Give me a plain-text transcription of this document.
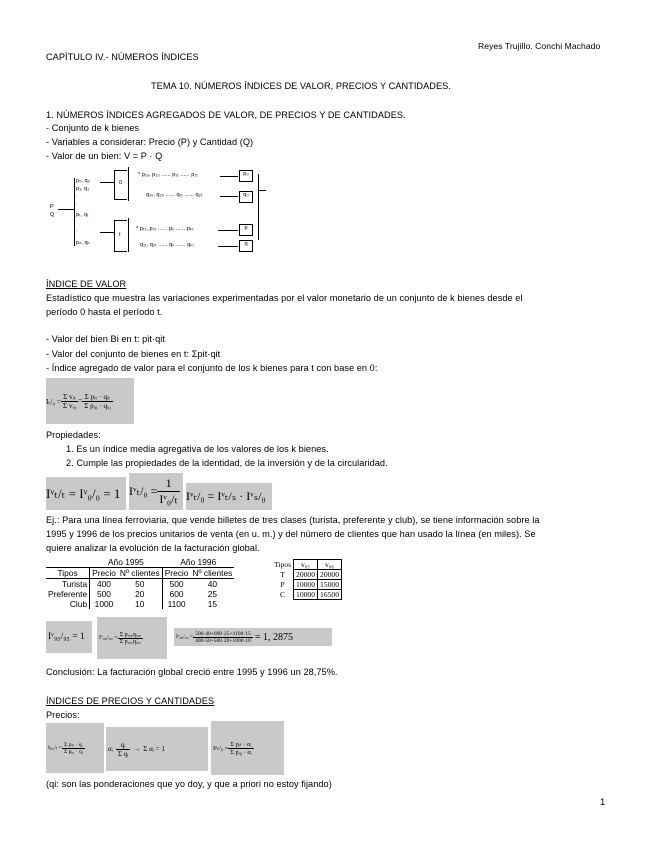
Reyes Trujillo. Conchi Machado
CAPÍTULO IV.- NÚMEROS ÍNDICES
TEMA 10. NÚMEROS ÍNDICES DE VALOR, PRECIOS Y CANTIDADES.
1. NÚMEROS ÍNDICES AGREGADOS DE VALOR, DE PRECIOS Y DE CANTIDADES.
- Conjunto de k bienes
- Variables a considerar: Precio (P) y Cantidad (Q)
- Valor de un bien: V = P · Q
P
Q
p₀, q₀
p₁, q₁
·
·
pₜ, qₜ
·
pₙ, qₙ
0
* p₁₀, p₂₀ ...... p₁ₜ ...... p₂ₜ
q₁₀, q₂₀ ...... q₁ₜ ...... q₂ₜ
p₀
q₀
t
* p₁ₜ, p₂ₜ ...... pₖ ...... pₖₜ
q₁ₜ, q₂ₜ ...... qₖ ...... qₖₜ
p
q
ÍNDICE DE VALOR
Estadístico que muestra las variaciones experimentadas por el valor monetario de un conjunto de k bienes desde el
período 0 hasta el período t.
- Valor del bien Bi en t: pit·qit
- Valor del conjunto de bienes en t: Σpit·qit
- Índice agregado de valor para el conjunto de los k bienes para t con base en 0:
$I_t/_0 = \frac{\text{Σ vᵢₜ}}{\text{Σ vᵢ₀}} = \frac{\text{Σ pᵢₜ · qᵢₜ}}{\text{Σ pᵢ₀ · qᵢ₀}}$
Propiedades:
1. Es un índice media agregativa de los valores de los k bienes.
2. Cumple las propiedades de la identidad, de la inversión y de la circularidad.
Iᵛₜ/ₜ = Iᵛ₀/₀ = 1 Iᵛₜ/₀ = $\frac{1}{\text{Iᵛ₀/ₜ}}$ Iᵛₜ/₀ = Iᵛₜ/ₛ · Iᵛₛ/₀
Ej.: Para una línea ferroviaria, que vende billetes de tres clases (turista, preferente y club), se tiene información sobre la
1995 y 1996 de los precios unitarios de venta (en u. m.) y del número de clientes que han usado la línea (en miles). Se
quiere analizar la evolución de la facturación global.
	Año 1995		Año 1996	
Tipos	Precio	Nº clientes	Precio	Nº clientes
Turista	400	50	500	40
Preferente	500	20	600	25
Club	1000	10	1100	15
Tipos	v₉₅	v₉₆
T	20000	20000
P	10000	15000
C	10000	16500
Iᵛ₉₅/₉₅ = 1	Iᵛ₉₆/₉₅ = $\frac{\text{Σ pᵢ₉₆qᵢ₉₆}}{\text{Σ pᵢ₉₅qᵢ₉₅}}$	Iᵛ₉₆/₉₅ = $\frac{500\cdot 40+600\cdot 25+1100\cdot 15}{400\cdot 50+500\cdot 20+1000\cdot 10} = 1$, 2875
Conclusión: La facturación global creció entre 1995 y 1996 un 28,75%.
ÍNDICES DE PRECIOS Y CANTIDADES
Precios:
$I_{p0}/_t = \frac{\text{Σ pᵢₜ · qᵢ}}{\text{Σ pᵢ₀ · qᵢ}}$	αᵢ $\frac{\text{qᵢ}}{\text{Σ qᵢ}} \to \Sigma$ αᵢ = 1	Iᵖₜ/₀ = $\frac{\text{Σ pᵢₜ · αᵢ}}{\text{Σ pᵢ₀ · αᵢ}}$
(qi: son las ponderaciones que yo doy, y que a priori no estoy fijando)
1
